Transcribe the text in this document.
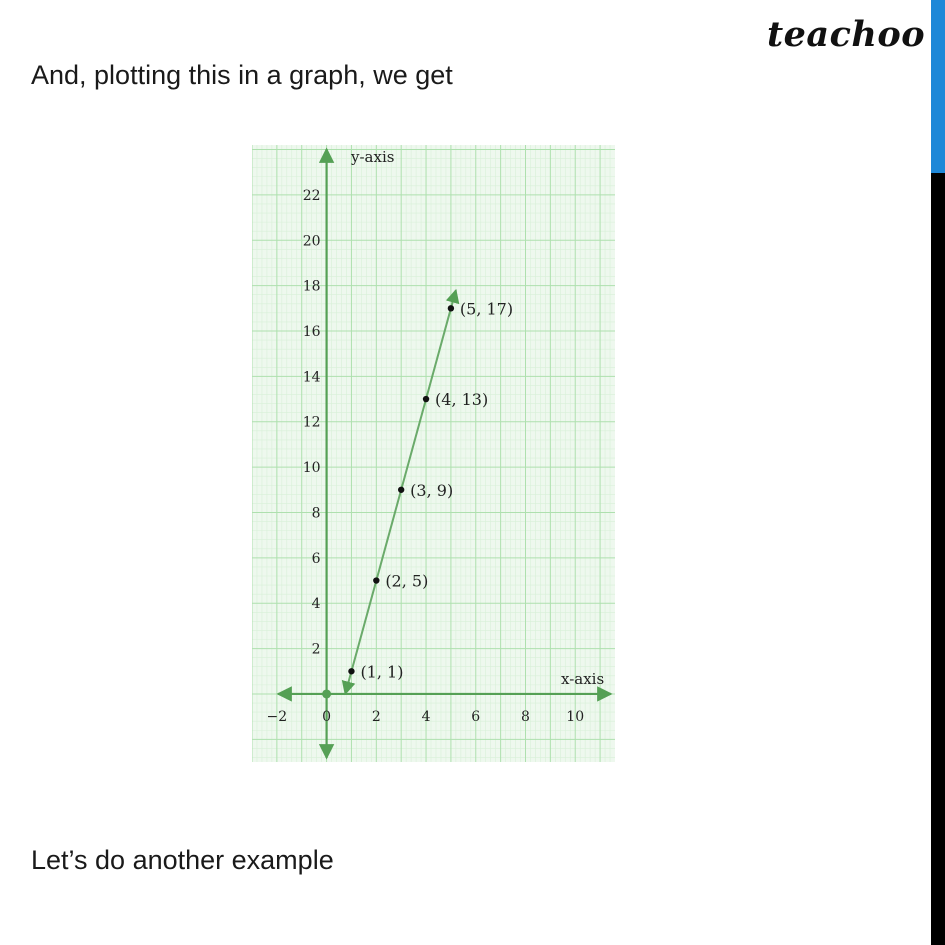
And, plotting this in a graph, we get
teachoo
−2 0	2	4	6	8	10
2
4
6
8
10
12
14
16
18
20
22
(1, 1)
(2, 5)
(3, 9)
(4, 13)
(5, 17)
x-axis
y-axis
Let’s do another example
